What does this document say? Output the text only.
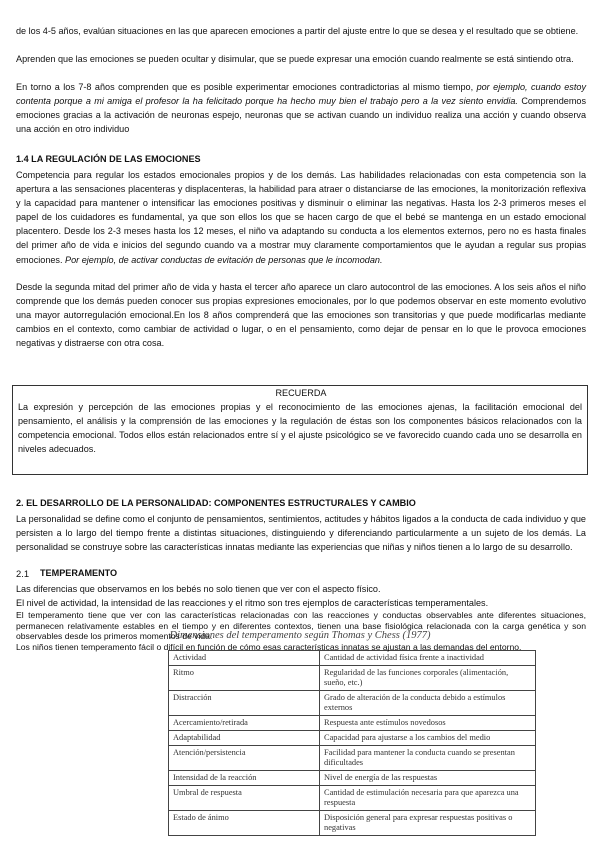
de los 4-5 años, evalúan situaciones en las que aparecen emociones a partir del ajuste entre lo que se desea y el resultado que se obtiene.

Aprenden que las emociones se pueden ocultar y disimular, que se puede expresar una emoción cuando realmente se está sintiendo otra.

En torno a los 7-8 años comprenden que es posible experimentar emociones contradictorias al mismo tiempo, por ejemplo, cuando estoy contenta porque a mi amiga el profesor la ha felicitado porque ha hecho muy bien el trabajo pero a la vez siento envidia. Comprendemos emociones gracias a la activación de neuronas espejo, neuronas que se activan cuando un individuo realiza una acción y cuando observa una acción en otro individuo

1.4 LA REGULACIÓN DE LAS EMOCIONES

Competencia para regular los estados emocionales propios y de los demás. Las habilidades relacionadas con esta competencia son la apertura a las sensaciones placenteras y displacenteras, la habilidad para atraer o distanciarse de las emociones, la monitorización reflexiva y la capacidad para mantener o intensificar las emociones positivas y disminuir o eliminar las negativas. Hasta los 2-3 primeros meses el papel de los cuidadores es fundamental, ya que son ellos los que se hacen cargo de que el bebé se mantenga en un estado emocional placentero. Desde los 2-3 meses hasta los 12 meses, el niño va adaptando su conducta a los elementos externos, pero no es hasta finales del primer año de vida e inicios del segundo cuando va a mostrar muy claramente comportamientos que le ayudan a regular sus propias emociones. Por ejemplo, de activar conductas de evitación de personas que le incomodan.

Desde la segunda mitad del primer año de vida y hasta el tercer año aparece un claro autocontrol de las emociones. A los seis años el niño comprende que los demás pueden conocer sus propias expresiones emocionales, por lo que podemos observar en este momento evolutivo una mayor autorregulación emocional.En los 8 años comprenderá que las emociones son transitorias y que puede modificarlas mediante cambios en el contexto, como cambiar de actividad o lugar, o en el pensamiento, como dejar de pensar en lo que le provoca emociones negativas y distraerse con otra cosa.

RECUERDA

La expresión y percepción de las emociones propias y el reconocimiento de las emociones ajenas, la facilitación emocional del pensamiento, el análisis y la comprensión de las emociones y la regulación de éstas son los componentes básicos relacionados con la competencia emocional. Todos ellos están relacionados entre sí y el ajuste psicológico se ve favorecido cuando cada uno se desarrolla en niveles adecuados.

2. EL DESARROLLO DE LA PERSONALIDAD: COMPONENTES ESTRUCTURALES Y CAMBIO

La personalidad se define como el conjunto de pensamientos, sentimientos, actitudes y hábitos ligados a la conducta de cada individuo y que persisten a lo largo del tiempo frente a distintas situaciones, distinguiendo y diferenciando particularmente a un sujeto de los demás. La personalidad se construye sobre las características innatas mediante las experiencias que niñas y niños tienen a lo largo de su desarrollo.

2.1 TEMPERAMENTO

Las diferencias que observamos en los bebés no solo tienen que ver con el aspecto físico.

El nivel de actividad, la intensidad de las reacciones y el ritmo son tres ejemplos de características temperamentales.

Dimensiones del temperamento según Thomas y Chess (1977)
Actividad	Cantidad de actividad física frente a inactividad
Ritmo	Regularidad de las funciones corporales (alimentación, sueño, etc.)
Distracción	Grado de alteración de la conducta debido a estímulos externos
Acercamiento/retirada	Respuesta ante estímulos novedosos
Adaptabilidad	Capacidad para ajustarse a los cambios del medio
Atención/persistencia	Facilidad para mantener la conducta cuando se presentan dificultades
Intensidad de la reacción	Nivel de energía de las respuestas
Umbral de respuesta	Cantidad de estimulación necesaria para que aparezca una respuesta
Estado de ánimo	Disposición general para expresar respuestas positivas o negativas

El temperamento tiene que ver con las características relacionadas con las reacciones y conductas observables ante diferentes situaciones, permanecen relativamente estables en el tiempo y en diferentes contextos, tienen una base fisiológica relacionada con la carga genética y son observables desde los primeros momentos de vida.

Los niños tienen temperamento fácil o difícil en función de cómo esas características innatas se ajustan a las demandas del entorno.
